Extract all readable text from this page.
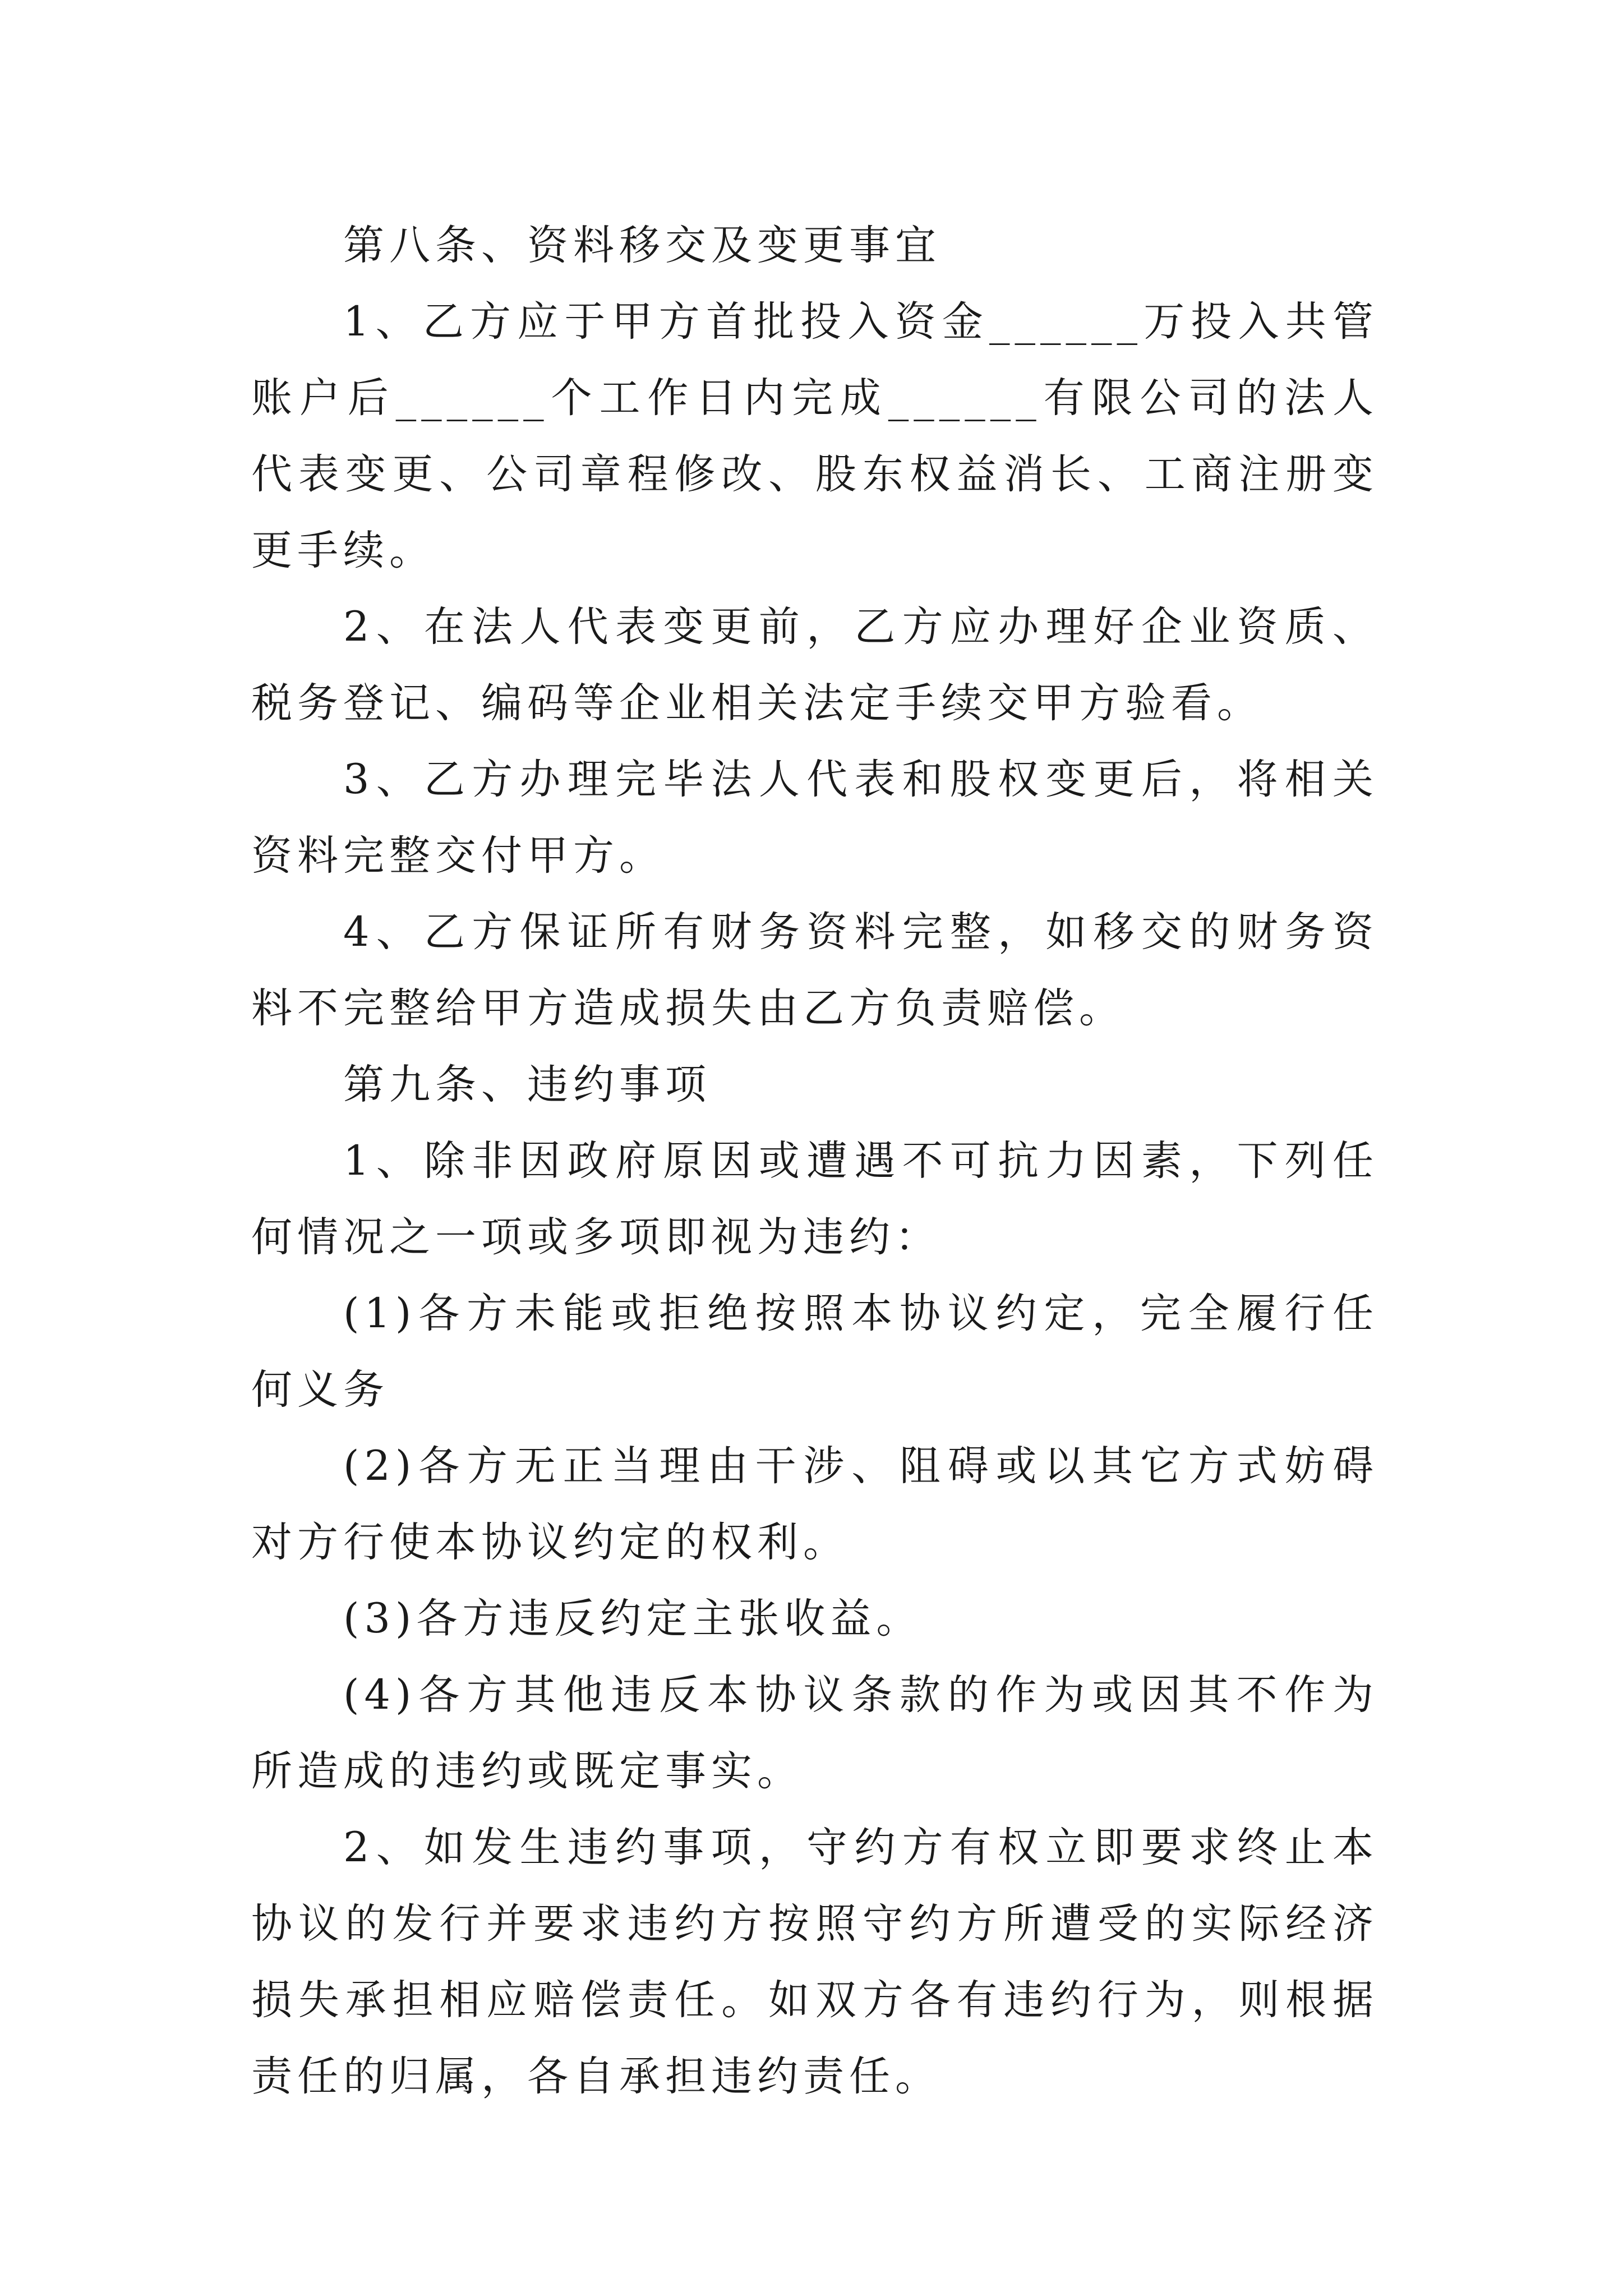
第八条、资料移交及变更事宜

1、乙方应于甲方首批投入资金______万投入共管账户后______个工作日内完成______有限公司的法人代表变更、公司章程修改、股东权益消长、工商注册变更手续。

2、在法人代表变更前，乙方应办理好企业资质、税务登记、编码等企业相关法定手续交甲方验看。

3、乙方办理完毕法人代表和股权变更后，将相关资料完整交付甲方。

4、乙方保证所有财务资料完整，如移交的财务资料不完整给甲方造成损失由乙方负责赔偿。

第九条、违约事项

1、除非因政府原因或遭遇不可抗力因素，下列任何情况之一项或多项即视为违约：

(1)各方未能或拒绝按照本协议约定，完全履行任何义务

(2)各方无正当理由干涉、阻碍或以其它方式妨碍对方行使本协议约定的权利。

(3)各方违反约定主张收益。

(4)各方其他违反本协议条款的作为或因其不作为所造成的违约或既定事实。

2、如发生违约事项，守约方有权立即要求终止本协议的发行并要求违约方按照守约方所遭受的实际经济损失承担相应赔偿责任。如双方各有违约行为，则根据责任的归属，各自承担违约责任。
